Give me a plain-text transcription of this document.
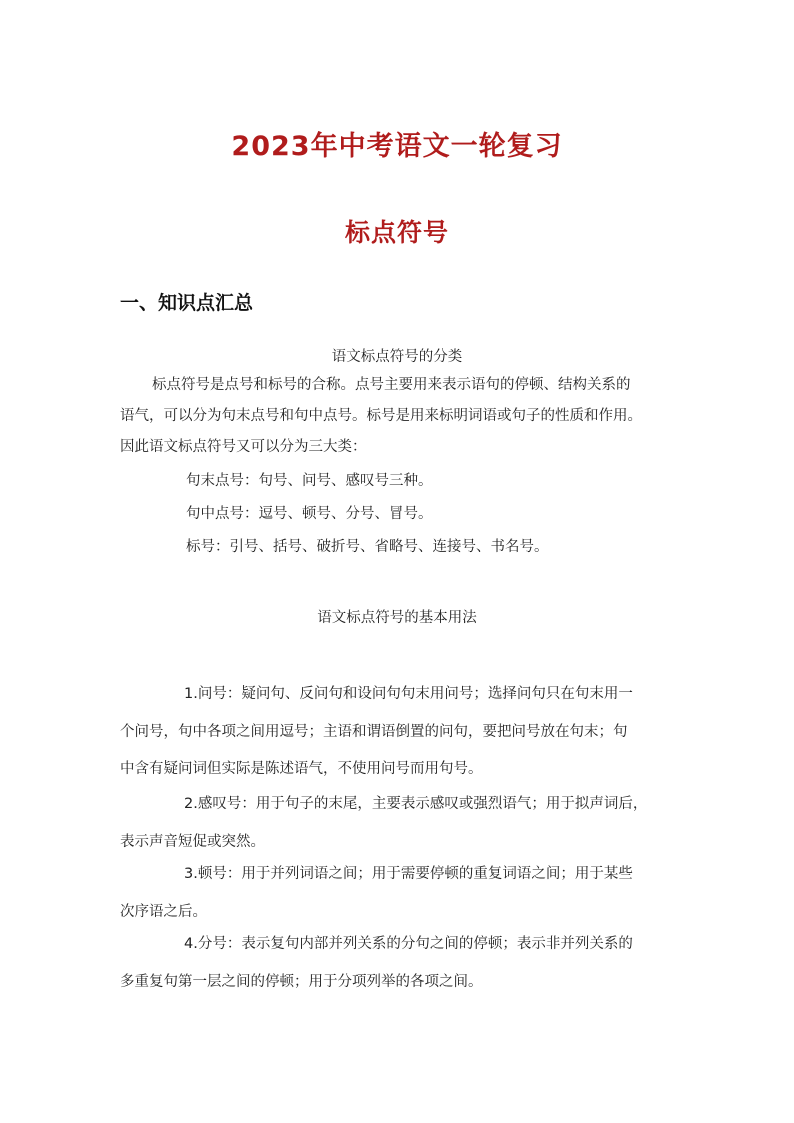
2023年中考语文一轮复习
标点符号
一、知识点汇总
语文标点符号的分类
标点符号是点号和标号的合称。点号主要用来表示语句的停顿、结构关系的
语气，可以分为句末点号和句中点号。标号是用来标明词语或句子的性质和作用。
因此语文标点符号又可以分为三大类：
句末点号：句号、问号、感叹号三种。
句中点号：逗号、顿号、分号、冒号。
标号：引号、括号、破折号、省略号、连接号、书名号。
语文标点符号的基本用法
1.问号：疑问句、反问句和设问句句末用问号；选择问句只在句末用一
个问号，句中各项之间用逗号；主语和谓语倒置的问句，要把问号放在句末；句
中含有疑问词但实际是陈述语气，不使用问号而用句号。
2.感叹号：用于句子的末尾，主要表示感叹或强烈语气；用于拟声词后，
表示声音短促或突然。
3.顿号：用于并列词语之间；用于需要停顿的重复词语之间；用于某些
次序语之后。
4.分号：表示复句内部并列关系的分句之间的停顿；表示非并列关系的
多重复句第一层之间的停顿；用于分项列举的各项之间。
